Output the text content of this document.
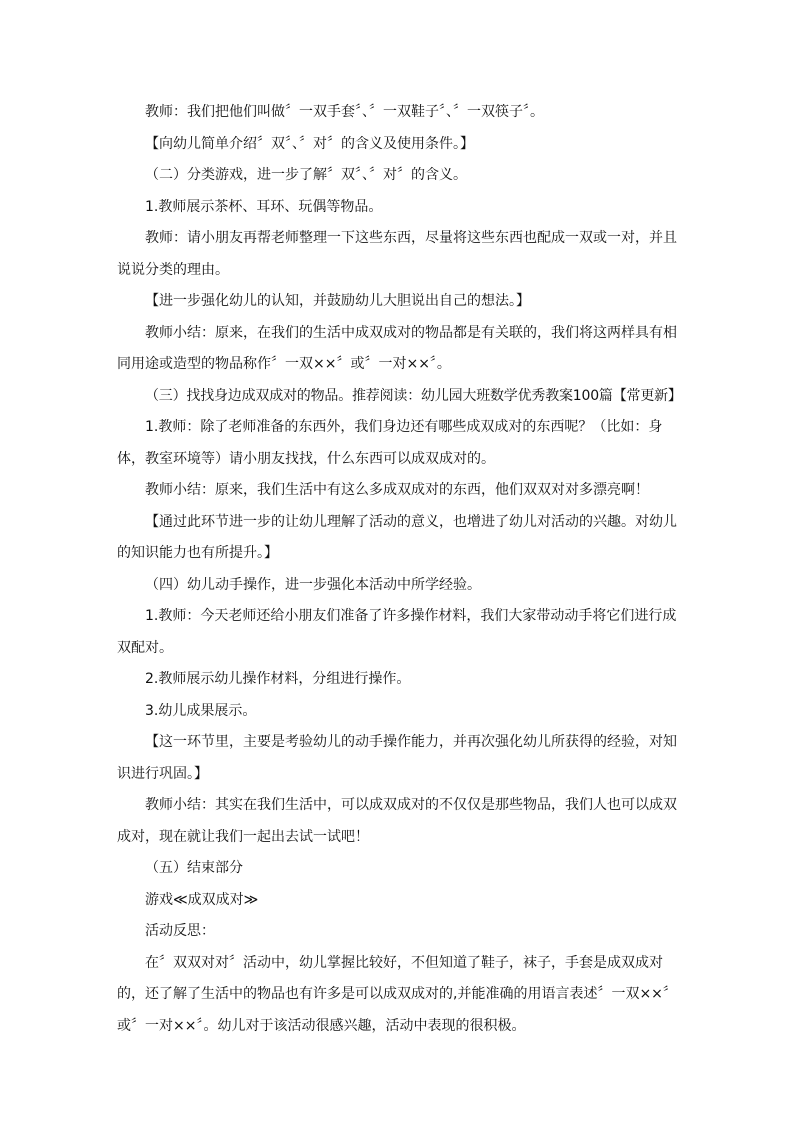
教师：我们把他们叫做〞一双手套〞、〞一双鞋子〞、〞一双筷子〞。

【向幼儿简单介绍〞双〞、〞对〞的含义及使用条件。】

（二）分类游戏，进一步了解〞双〞、〞对〞的含义。

1.教师展示茶杯、耳环、玩偶等物品。

教师：请小朋友再帮老师整理一下这些东西，尽量将这些东西也配成一双或一对，并且说说分类的理由。

【进一步强化幼儿的认知，并鼓励幼儿大胆说出自己的想法。】

教师小结：原来，在我们的生活中成双成对的物品都是有关联的，我们将这两样具有相同用途或造型的物品称作〞一双××〞或〞一对××〞。

（三）找找身边成双成对的物品。推荐阅读：幼儿园大班数学优秀教案100篇【常更新】

1.教师：除了老师准备的东西外，我们身边还有哪些成双成对的东西呢？（比如：身体，教室环境等）请小朋友找找，什么东西可以成双成对的。

教师小结：原来，我们生活中有这么多成双成对的东西，他们双双对对多漂亮啊！

【通过此环节进一步的让幼儿理解了活动的意义，也增进了幼儿对活动的兴趣。对幼儿的知识能力也有所提升。】

（四）幼儿动手操作，进一步强化本活动中所学经验。

1.教师：今天老师还给小朋友们准备了许多操作材料，我们大家带动动手将它们进行成双配对。

2.教师展示幼儿操作材料，分组进行操作。

3.幼儿成果展示。

【这一环节里，主要是考验幼儿的动手操作能力，并再次强化幼儿所获得的经验，对知识进行巩固。】

教师小结：其实在我们生活中，可以成双成对的不仅仅是那些物品，我们人也可以成双成对，现在就让我们一起出去试一试吧！

（五）结束部分

游戏≪成双成对≫

活动反思：

在〞双双对对〞活动中，幼儿掌握比较好，不但知道了鞋子，袜子，手套是成双成对的，还了解了生活中的物品也有许多是可以成双成对的,并能准确的用语言表述〞一双××〞或〞一对××〞。幼儿对于该活动很感兴趣，活动中表现的很积极。
